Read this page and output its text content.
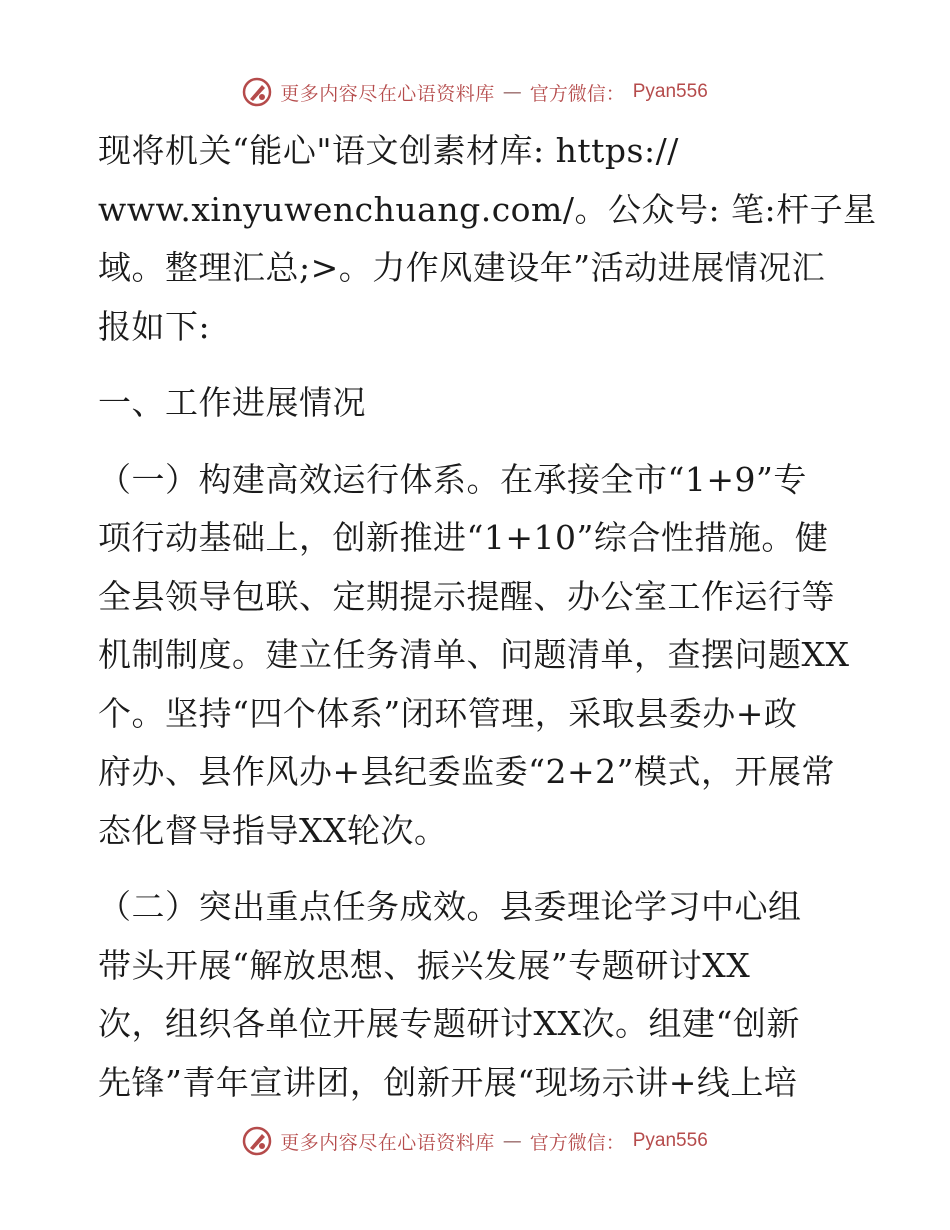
更多内容尽在心语资料库 — 官方微信： Pyan556

现将机关“能心"语文创素材库: https://
www.xinyuwenchuang.com/。公众号: 笔:杆子星
域。整理汇总;>。力作风建设年”活动进展情况汇
报如下:

一、工作进展情况

（一）构建高效运行体系。在承接全市“1+9”专
项行动基础上，创新推进“1+10”综合性措施。健
全县领导包联、定期提示提醒、办公室工作运行等
机制制度。建立任务清单、问题清单，查摆问题XX
个。坚持“四个体系”闭环管理，采取县委办+政
府办、县作风办+县纪委监委“2+2”模式，开展常
态化督导指导XX轮次。

（二）突出重点任务成效。县委理论学习中心组
带头开展“解放思想、振兴发展”专题研讨XX
次，组织各单位开展专题研讨XX次。组建“创新
先锋”青年宣讲团，创新开展“现场示讲+线上培

更多内容尽在心语资料库 — 官方微信： Pyan556
